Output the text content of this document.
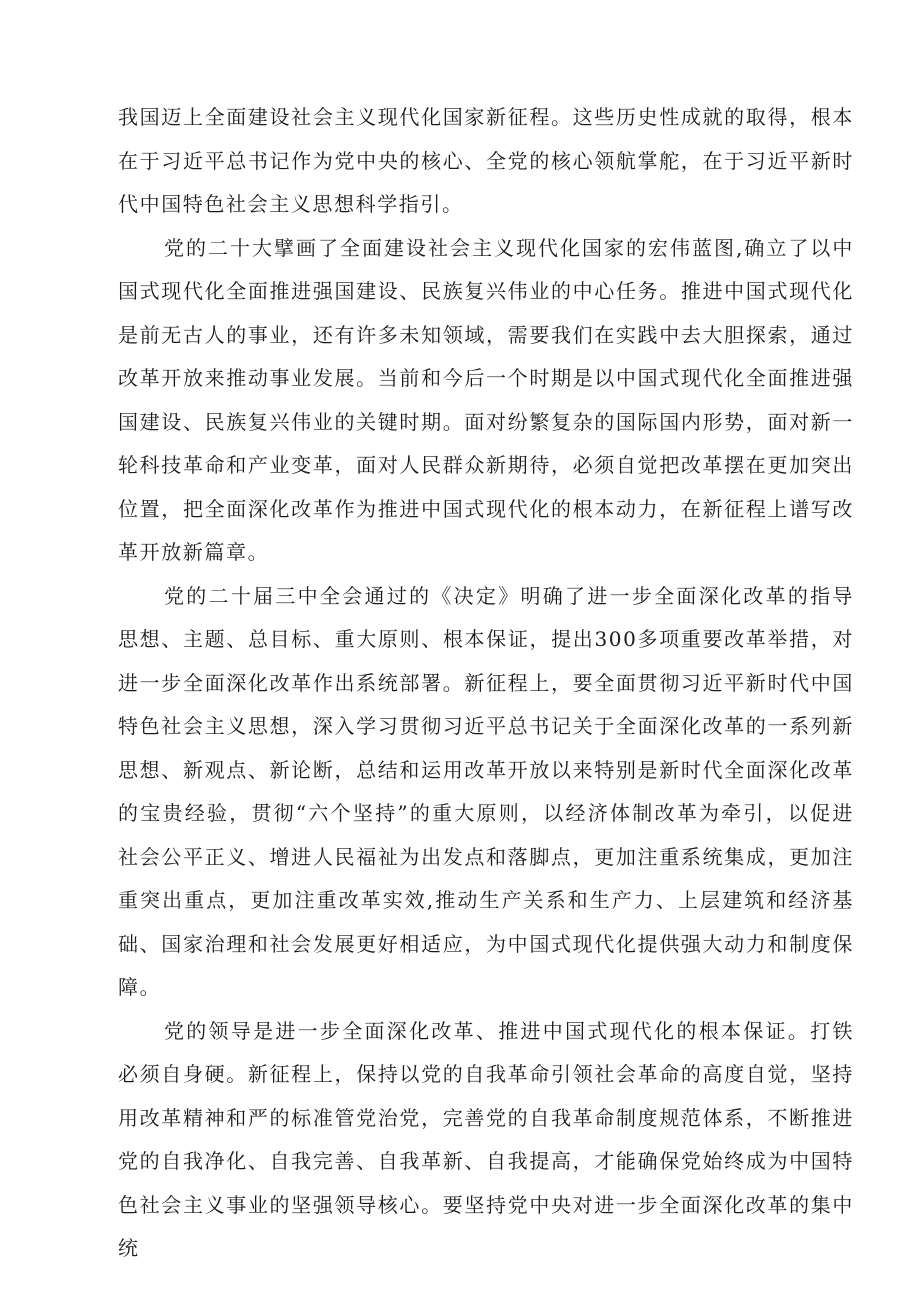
我国迈上全面建设社会主义现代化国家新征程。这些历史性成就的取得，根本在于习近平总书记作为党中央的核心、全党的核心领航掌舵，在于习近平新时代中国特色社会主义思想科学指引。

党的二十大擘画了全面建设社会主义现代化国家的宏伟蓝图,确立了以中国式现代化全面推进强国建设、民族复兴伟业的中心任务。推进中国式现代化是前无古人的事业，还有许多未知领域，需要我们在实践中去大胆探索，通过改革开放来推动事业发展。当前和今后一个时期是以中国式现代化全面推进强国建设、民族复兴伟业的关键时期。面对纷繁复杂的国际国内形势，面对新一轮科技革命和产业变革，面对人民群众新期待，必须自觉把改革摆在更加突出位置，把全面深化改革作为推进中国式现代化的根本动力，在新征程上谱写改革开放新篇章。

党的二十届三中全会通过的《决定》明确了进一步全面深化改革的指导思想、主题、总目标、重大原则、根本保证，提出300多项重要改革举措，对进一步全面深化改革作出系统部署。新征程上，要全面贯彻习近平新时代中国特色社会主义思想，深入学习贯彻习近平总书记关于全面深化改革的一系列新思想、新观点、新论断，总结和运用改革开放以来特别是新时代全面深化改革的宝贵经验，贯彻“六个坚持”的重大原则，以经济体制改革为牵引，以促进社会公平正义、增进人民福祉为出发点和落脚点，更加注重系统集成，更加注重突出重点，更加注重改革实效,推动生产关系和生产力、上层建筑和经济基础、国家治理和社会发展更好相适应，为中国式现代化提供强大动力和制度保障。

党的领导是进一步全面深化改革、推进中国式现代化的根本保证。打铁必须自身硬。新征程上，保持以党的自我革命引领社会革命的高度自觉，坚持用改革精神和严的标准管党治党，完善党的自我革命制度规范体系，不断推进党的自我净化、自我完善、自我革新、自我提高，才能确保党始终成为中国特色社会主义事业的坚强领导核心。要坚持党中央对进一步全面深化改革的集中统
